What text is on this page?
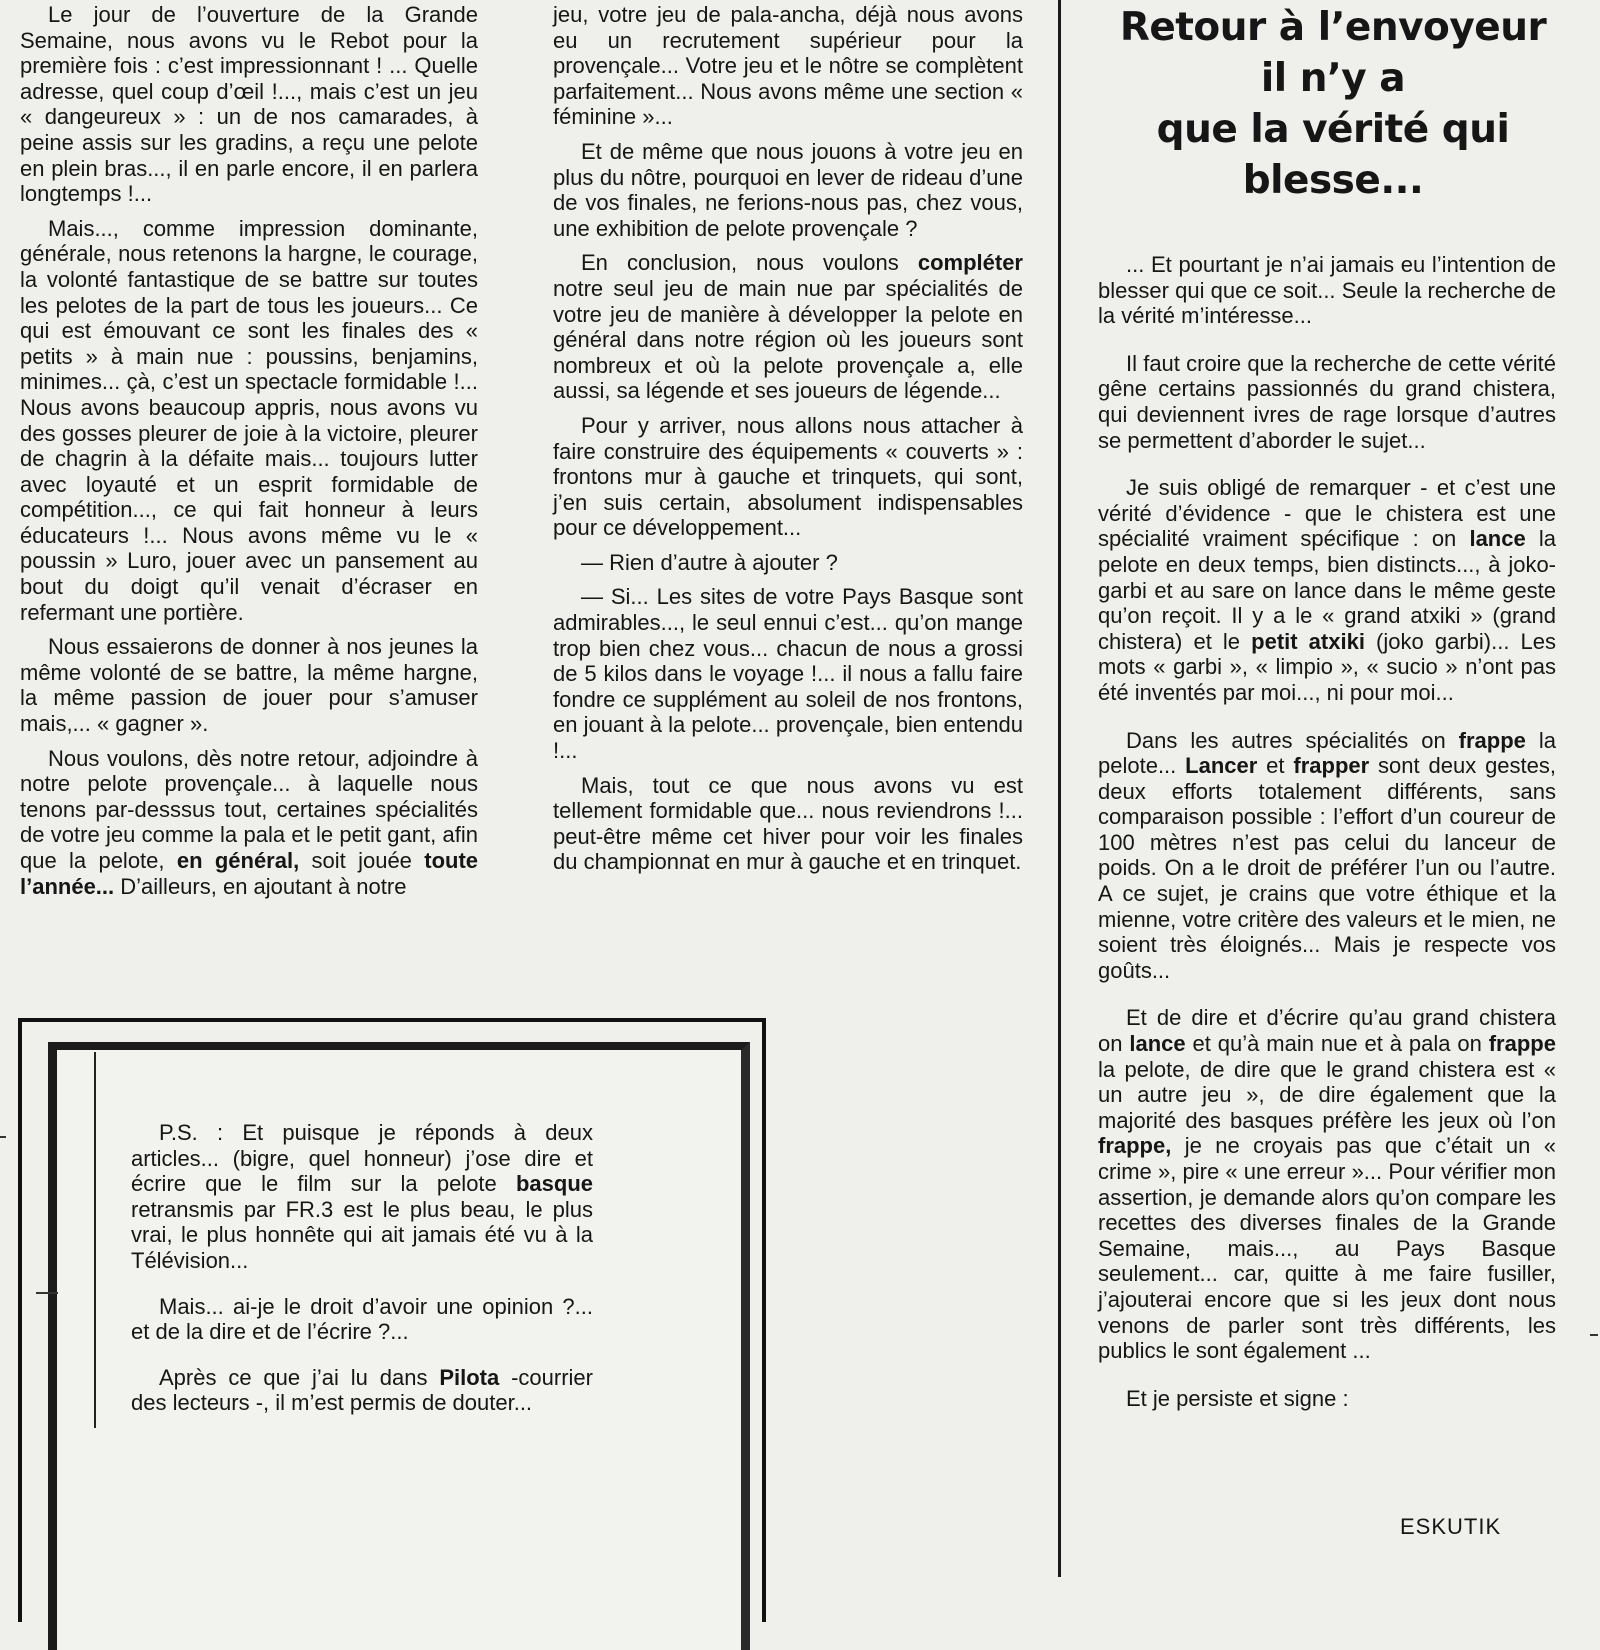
Le jour de l’ouverture de la Grande Semaine, nous avons vu le Rebot pour la première fois : c’est impressionnant ! ... Quelle adresse, quel coup d’œil !..., mais c’est un jeu « dangeureux » : un de nos camarades, à peine assis sur les gradins, a reçu une pelote en plein bras..., il en parle encore, il en parlera longtemps !...

Mais..., comme impression dominante, générale, nous retenons la hargne, le courage, la volonté fantastique de se battre sur toutes les pelotes de la part de tous les joueurs... Ce qui est émouvant ce sont les finales des « petits » à main nue : poussins, benjamins, minimes... çà, c’est un spectacle formidable !... Nous avons beaucoup appris, nous avons vu des gosses pleurer de joie à la victoire, pleurer de chagrin à la défaite mais... toujours lutter avec loyauté et un esprit formidable de compétition..., ce qui fait honneur à leurs éducateurs !... Nous avons même vu le « poussin » Luro, jouer avec un pansement au bout du doigt qu’il venait d’écraser en refermant une portière.

Nous essaierons de donner à nos jeunes la même volonté de se battre, la même hargne, la même passion de jouer pour s’amuser mais,... « gagner ».

Nous voulons, dès notre retour, adjoindre à notre pelote provençale... à laquelle nous tenons par-desssus tout, certaines spécialités de votre jeu comme la pala et le petit gant, afin que la pelote, en général, soit jouée toute l’année... D’ailleurs, en ajoutant à notre

jeu, votre jeu de pala-ancha, déjà nous avons eu un recrutement supérieur pour la provençale... Votre jeu et le nôtre se complètent parfaitement... Nous avons même une section « féminine »...

Et de même que nous jouons à votre jeu en plus du nôtre, pourquoi en lever de rideau d’une de vos finales, ne ferions-nous pas, chez vous, une exhibition de pelote provençale ?

En conclusion, nous voulons compléter notre seul jeu de main nue par spécialités de votre jeu de manière à développer la pelote en général dans notre région où les joueurs sont nombreux et où la pelote provençale a, elle aussi, sa légende et ses joueurs de légende...

Pour y arriver, nous allons nous attacher à faire construire des équipements « couverts » : frontons mur à gauche et trinquets, qui sont, j’en suis certain, absolument indispensables pour ce développement...

— Rien d’autre à ajouter ?

— Si... Les sites de votre Pays Basque sont admirables..., le seul ennui c’est... qu’on mange trop bien chez vous... chacun de nous a grossi de 5 kilos dans le voyage !... il nous a fallu faire fondre ce supplément au soleil de nos frontons, en jouant à la pelote... provençale, bien entendu !...

Mais, tout ce que nous avons vu est tellement formidable que... nous reviendrons !... peut-être même cet hiver pour voir les finales du championnat en mur à gauche et en trinquet.

Retour à l’envoyeur
il n’y a
que la vérité qui
blesse...

... Et pourtant je n’ai jamais eu l’intention de blesser qui que ce soit... Seule la recherche de la vérité m’intéresse...

Il faut croire que la recherche de cette vérité gêne certains passionnés du grand chistera, qui deviennent ivres de rage lorsque d’autres se permettent d’aborder le sujet...

Je suis obligé de remarquer - et c’est une vérité d’évidence - que le chistera est une spécialité vraiment spécifique : on lance la pelote en deux temps, bien distincts..., à joko-garbi et au sare on lance dans le même geste qu’on reçoit. Il y a le « grand atxiki » (grand chistera) et le petit atxiki (joko garbi)... Les mots « garbi », « limpio », « sucio » n’ont pas été inventés par moi..., ni pour moi...

Dans les autres spécialités on frappe la pelote... Lancer et frapper sont deux gestes, deux efforts totalement différents, sans comparaison possible : l’effort d’un coureur de 100 mètres n’est pas celui du lanceur de poids. On a le droit de préférer l’un ou l’autre. A ce sujet, je crains que votre éthique et la mienne, votre critère des valeurs et le mien, ne soient très éloignés... Mais je respecte vos goûts...

Et de dire et d’écrire qu’au grand chistera on lance et qu’à main nue et à pala on frappe la pelote, de dire que le grand chistera est « un autre jeu », de dire également que la majorité des basques préfère les jeux où l’on frappe, je ne croyais pas que c’était un « crime », pire « une erreur »... Pour vérifier mon assertion, je demande alors qu’on compare les recettes des diverses finales de la Grande Semaine, mais..., au Pays Basque seulement... car, quitte à me faire fusiller, j’ajouterai encore que si les jeux dont nous venons de parler sont très différents, les publics le sont également ...

Et je persiste et signe :

ESKUTIK

P.S. : Et puisque je réponds à deux articles... (bigre, quel honneur) j’ose dire et écrire que le film sur la pelote basque retransmis par FR.3 est le plus beau, le plus vrai, le plus honnête qui ait jamais été vu à la Télévision...

Mais... ai-je le droit d’avoir une opinion ?... et de la dire et de l’écrire ?...

Après ce que j’ai lu dans Pilota -courrier des lecteurs -, il m’est permis de douter...
